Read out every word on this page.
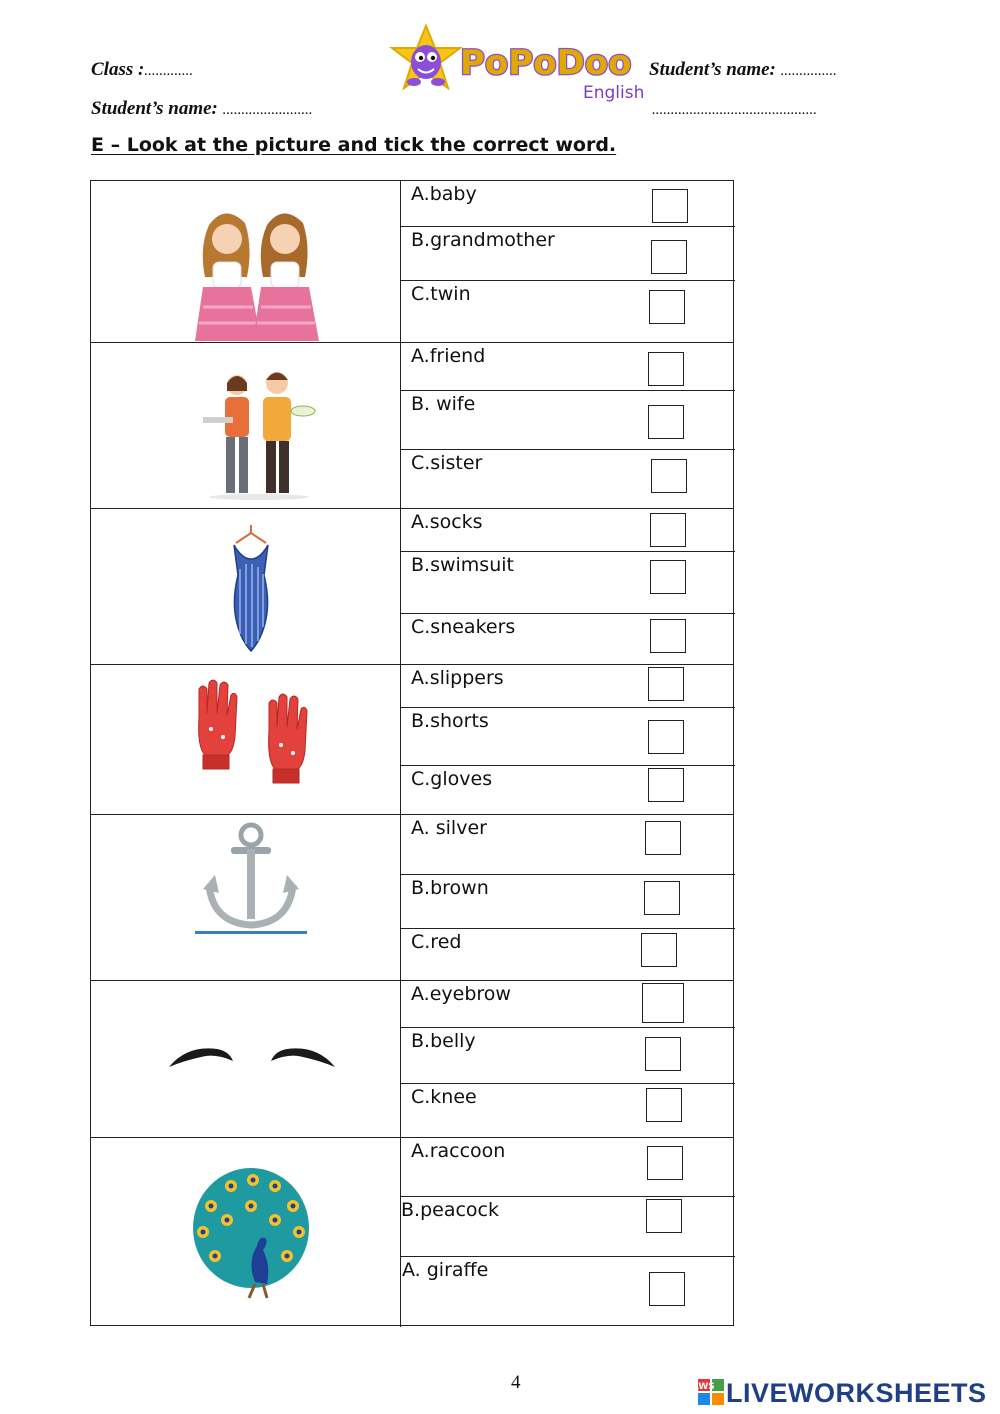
Class :.............	Student’s name: ...............
Student’s name: ........................	............................................
PoPoDoo
English
E – Look at the picture and tick the correct word.
A.baby
B.grandmother
C.twin
A.friend
B. wife
C.sister
A.socks
B.swimsuit
C.sneakers
A.slippers
B.shorts
C.gloves
A. silver
B.brown
C.red
A.eyebrow
B.belly
C.knee
A.raccoon
B.peacock
A. giraffe
4	LWS LIVEWORKSHEETS
